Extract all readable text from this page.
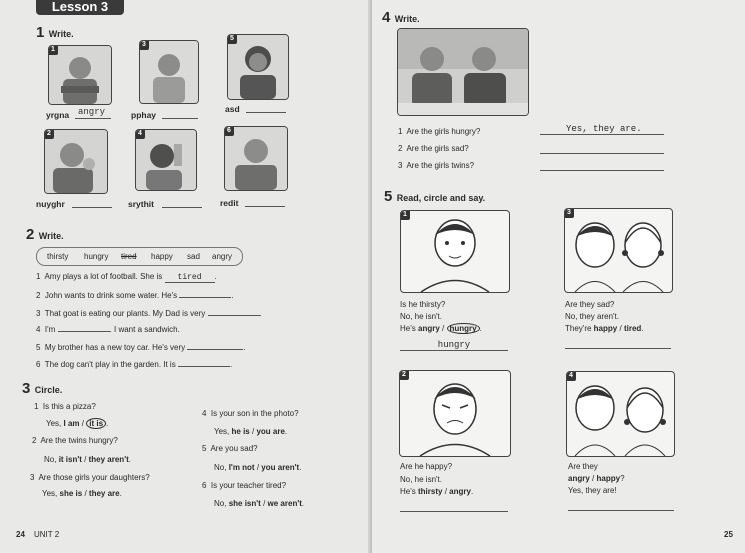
Lesson 3
1 Write.
1
3
5
yrgna angry	pphay
asd
2	4	6
nuyghr	srythit	redit
2 Write.
thirsty hungry tired happy sad angry
1 Amy plays a lot of football. She is tired .
2 John wants to drink some water. He's	.
3 That goat is eating our plants. My Dad is very	.
4 I'm	. I want a sandwich.
5 My brother has a new toy car. He's very	.
6 The dog can't play in the garden. It is	.
3 Circle.
1 Is this a pizza?
Yes, I am / it is .
2 Are the twins hungry?
No, it isn't / they aren't.
3 Are those girls your daughters?
Yes, she is / they are.
4 Is your son in the photo?
Yes, he is / you are.
5 Are you sad?
No, I'm not / you aren't.
6 Is your teacher tired?
No, she isn't / we aren't.
24 UNIT 2
4 Write.
1 Are the girls hungry?	Yes, they are.
2 Are the girls sad?
3 Are the girls twins?
5 Read, circle and say.
1
Is he thirsty?
No, he isn't.
He's angry / hungry .
hungry
3
Are they sad?
No, they aren't.
They're happy / tired.
2
Are he happy?
No, he isn't.
He's thirsty / angry.
4
Are they
angry / happy?
Yes, they are!
25
